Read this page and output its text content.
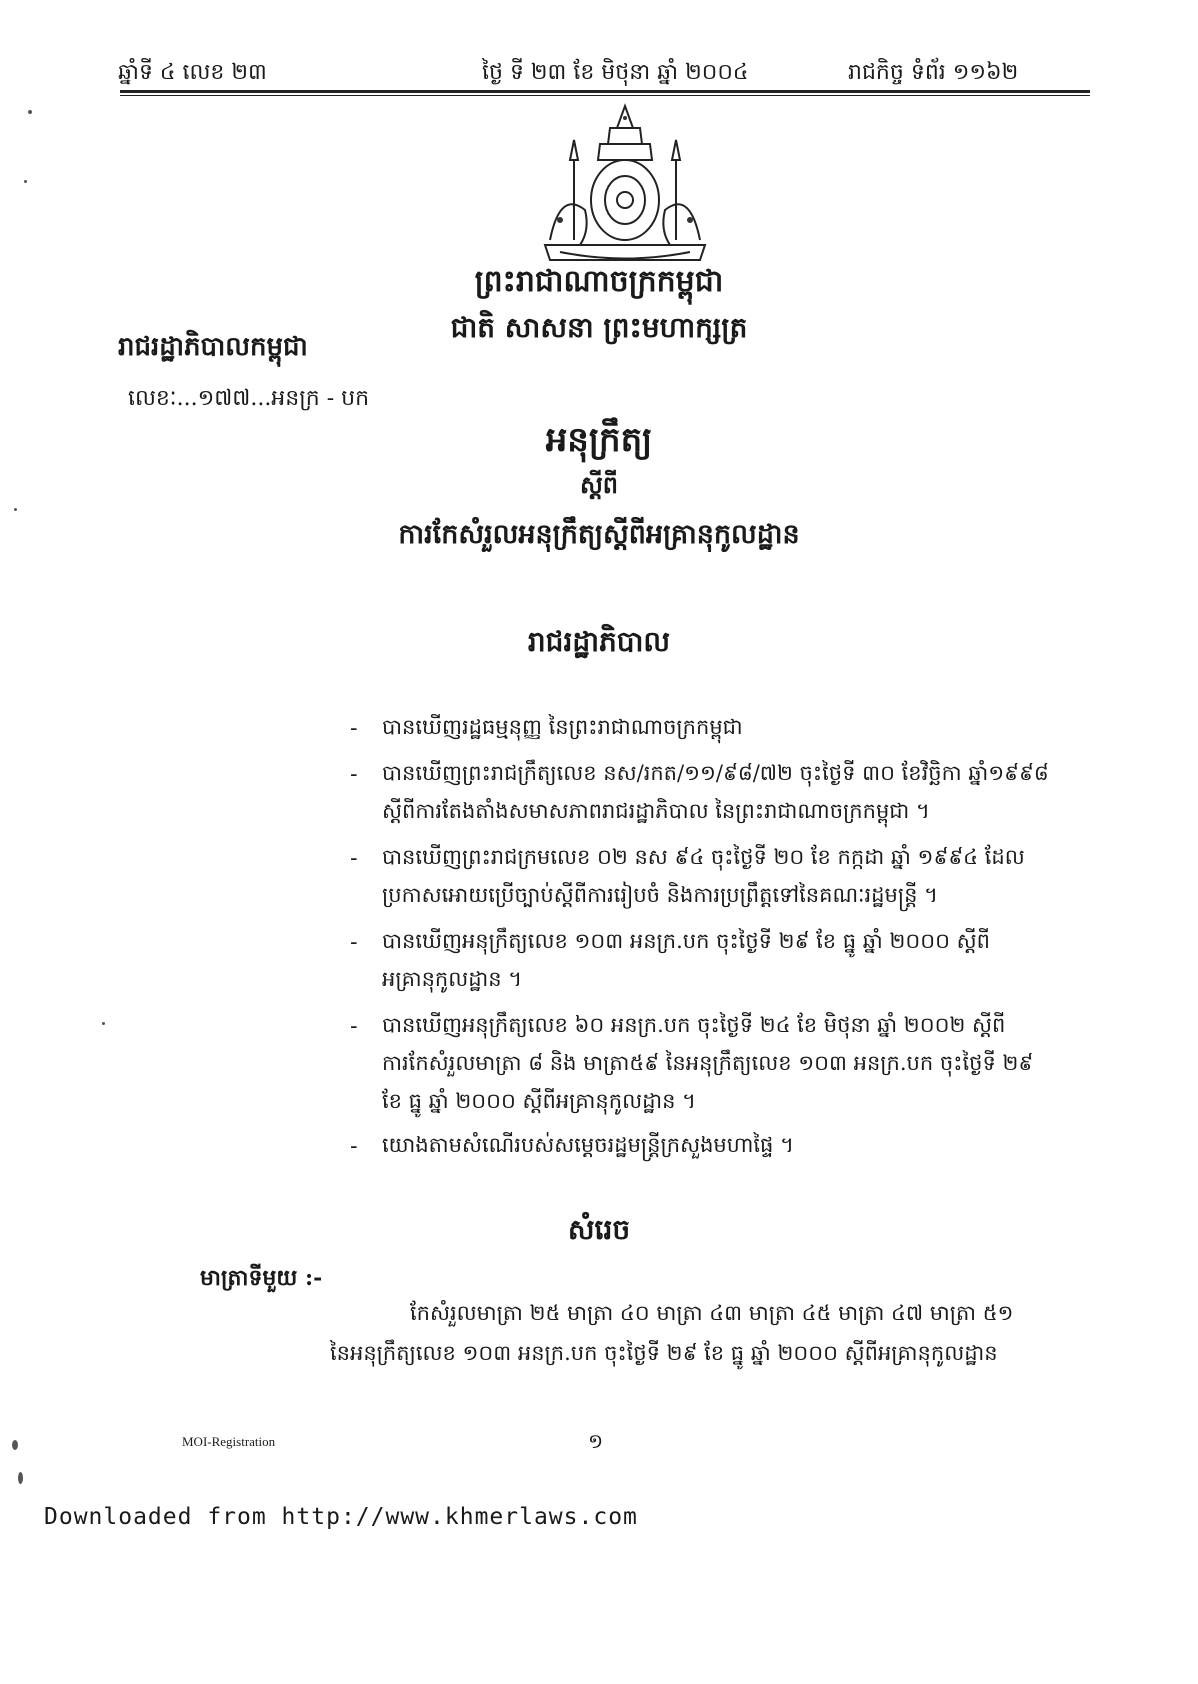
ឆ្នាំទី ៤ លេខ ២៣	ថ្ងៃ ទី ២៣ ខែ មិថុនា ឆ្នាំ ២០០៤	រាជកិច្ច ទំព័រ ១១៦២
ព្រះរាជាណាចក្រកម្ពុជា
ជាតិ សាសនា ព្រះមហាក្សត្រ
រាជរដ្ឋាភិបាលកម្ពុជា
លេខៈ...១៧៧...អនក្រ - បក
អនុក្រឹត្យ
ស្តីពី
ការកែសំរួលអនុក្រឹត្យស្តីពីអគ្រានុកូលដ្ឋាន
រាជរដ្ឋាភិបាល
- បានឃើញរដ្ឋធម្មនុញ្ញ នៃព្រះរាជាណាចក្រកម្ពុជា
- បានឃើញព្រះរាជក្រឹត្យលេខ នស/រកត/១១/៩៨/៧២ ចុះថ្ងៃទី ៣០ ខែវិច្ឆិកា ឆ្នាំ១៩៩៨
ស្តីពីការតែងតាំងសមាសភាពរាជរដ្ឋាភិបាល នៃព្រះរាជាណាចក្រកម្ពុជា ។
- បានឃើញព្រះរាជក្រមលេខ ០២ នស ៩៤ ចុះថ្ងៃទី ២០ ខែ កក្កដា ឆ្នាំ ១៩៩៤ ដែល
ប្រកាសអោយប្រើច្បាប់ស្តីពីការរៀបចំ និងការប្រព្រឹត្តទៅនៃគណៈរដ្ឋមន្ត្រី ។
- បានឃើញអនុក្រឹត្យលេខ ១០៣ អនក្រ.បក ចុះថ្ងៃទី ២៩ ខែ ធ្នូ ឆ្នាំ ២០០០ ស្តីពី
អគ្រានុកូលដ្ឋាន ។
- បានឃើញអនុក្រឹត្យលេខ ៦០ អនក្រ.បក ចុះថ្ងៃទី ២៤ ខែ មិថុនា ឆ្នាំ ២០០២ ស្តីពី
ការកែសំរួលមាត្រា ៨ និង មាត្រា៥៩ នៃអនុក្រឹត្យលេខ ១០៣ អនក្រ.បក ចុះថ្ងៃទី ២៩
ខែ ធ្នូ ឆ្នាំ ២០០០ ស្តីពីអគ្រានុកូលដ្ឋាន ។
- យោងតាមសំណើរបស់សម្តេចរដ្ឋមន្ត្រីក្រសួងមហាផ្ទៃ ។
សំរេច
មាត្រាទីមួយ :-
កែសំរួលមាត្រា ២៥ មាត្រា ៤០ មាត្រា ៤៣ មាត្រា ៤៥ មាត្រា ៤៧ មាត្រា ៥១
នៃអនុក្រឹត្យលេខ ១០៣ អនក្រ.បក ចុះថ្ងៃទី ២៩ ខែ ធ្នូ ឆ្នាំ ២០០០ ស្តីពីអគ្រានុកូលដ្ឋាន
MOI-Registration	១
Downloaded from http://www.khmerlaws.com
